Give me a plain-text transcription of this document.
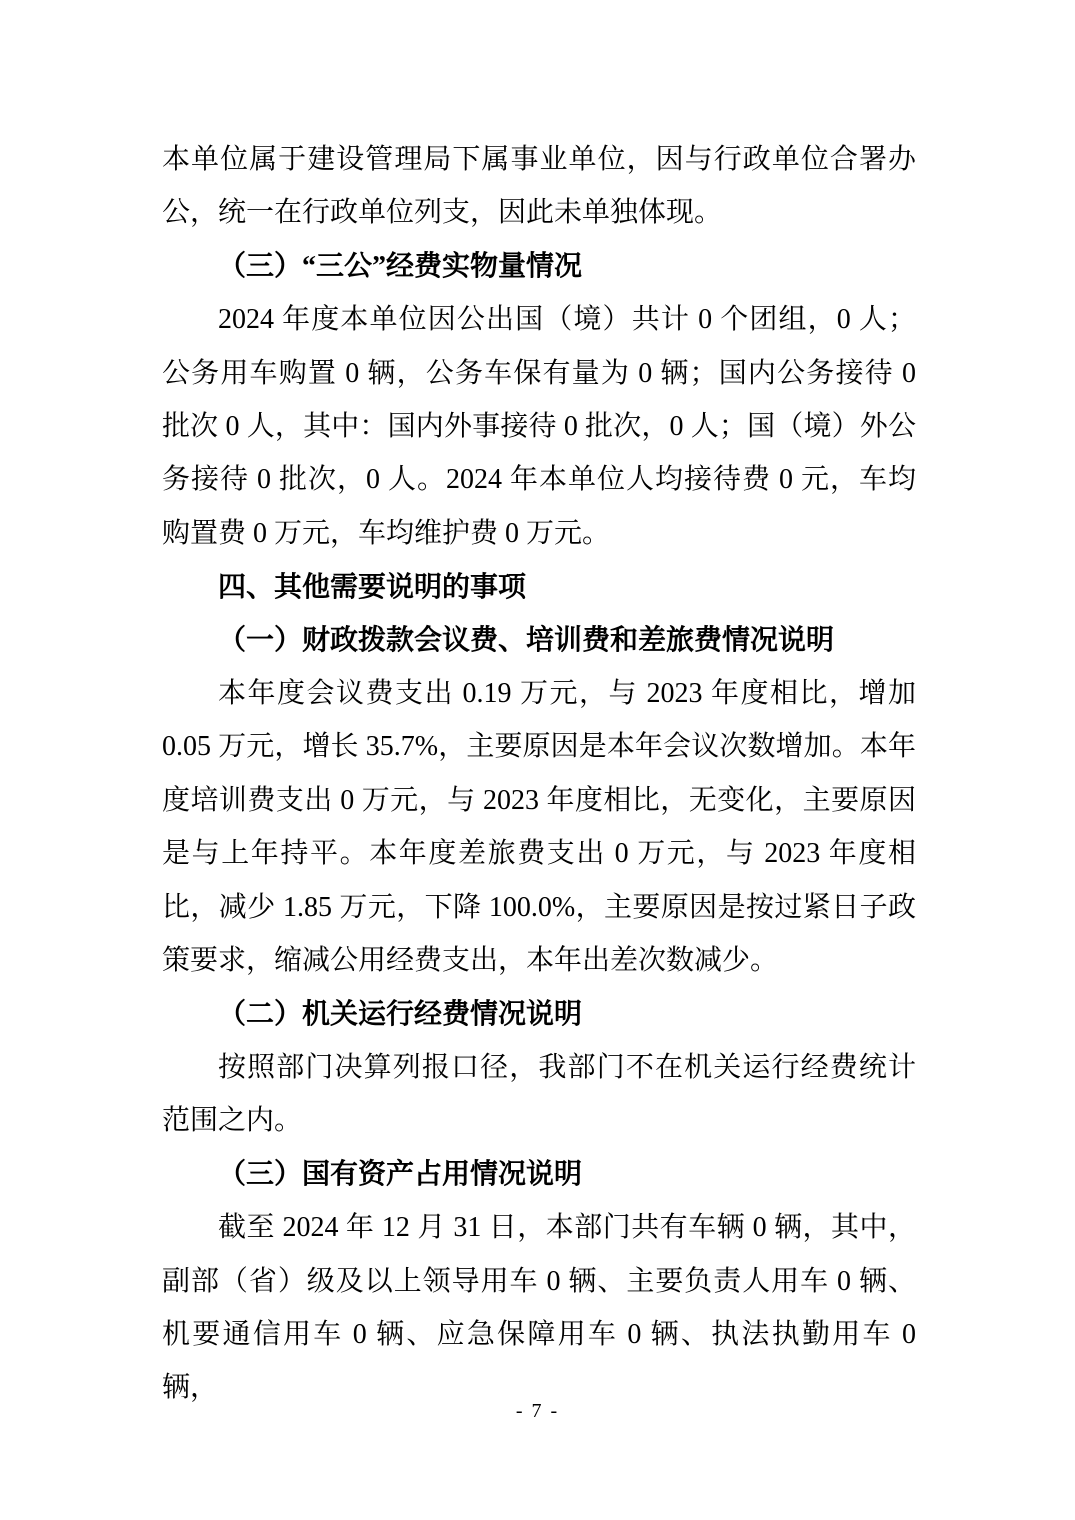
本单位属于建设管理局下属事业单位，因与行政单位合署办公，统一在行政单位列支，因此未单独体现。

（三）“三公”经费实物量情况

2024 年度本单位因公出国（境）共计 0 个团组，0 人；公务用车购置 0 辆，公务车保有量为 0 辆；国内公务接待 0 批次 0 人，其中：国内外事接待 0 批次，0 人；国（境）外公务接待 0 批次，0 人。2024 年本单位人均接待费 0 元，车均购置费 0 万元，车均维护费 0 万元。

四、其他需要说明的事项

（一）财政拨款会议费、培训费和差旅费情况说明

本年度会议费支出 0.19 万元，与 2023 年度相比，增加 0.05 万元，增长 35.7%，主要原因是本年会议次数增加。本年度培训费支出 0 万元，与 2023 年度相比，无变化，主要原因是与上年持平。本年度差旅费支出 0 万元，与 2023 年度相比，减少 1.85 万元，下降 100.0%，主要原因是按过紧日子政策要求，缩减公用经费支出，本年出差次数减少。

（二）机关运行经费情况说明

按照部门决算列报口径，我部门不在机关运行经费统计范围之内。

（三）国有资产占用情况说明

截至 2024 年 12 月 31 日，本部门共有车辆 0 辆，其中，副部（省）级及以上领导用车 0 辆、主要负责人用车 0 辆、机要通信用车 0 辆、应急保障用车 0 辆、执法执勤用车 0 辆，

- 7 -
